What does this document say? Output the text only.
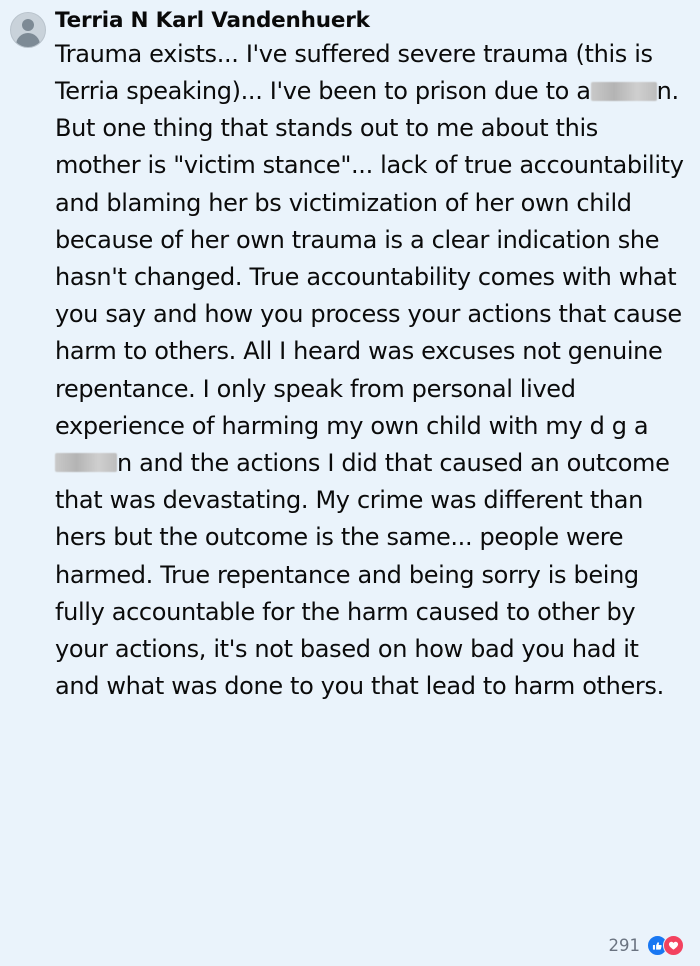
Terria N Karl Vandenhuerk
Trauma exists... I've suffered severe trauma (this is Terria speaking)... I've been to prison due to a	n. But one thing that stands out to me about this mother is "victim stance"... lack of true accountability and blaming her bs victimization of her own child because of her own trauma is a clear indication she hasn't changed. True accountability comes with what you say and how you process your actions that cause harm to others. All I heard was excuses not genuine repentance. I only speak from personal lived experience of harming my own child with my d g an and the actions I did that caused an outcome that was devastating. My crime was different than hers but the outcome is the same... people were harmed. True repentance and being sorry is being fully accountable for the harm caused to other by your actions, it's not based on how bad you had it and what was done to you that lead to harm others.
291
